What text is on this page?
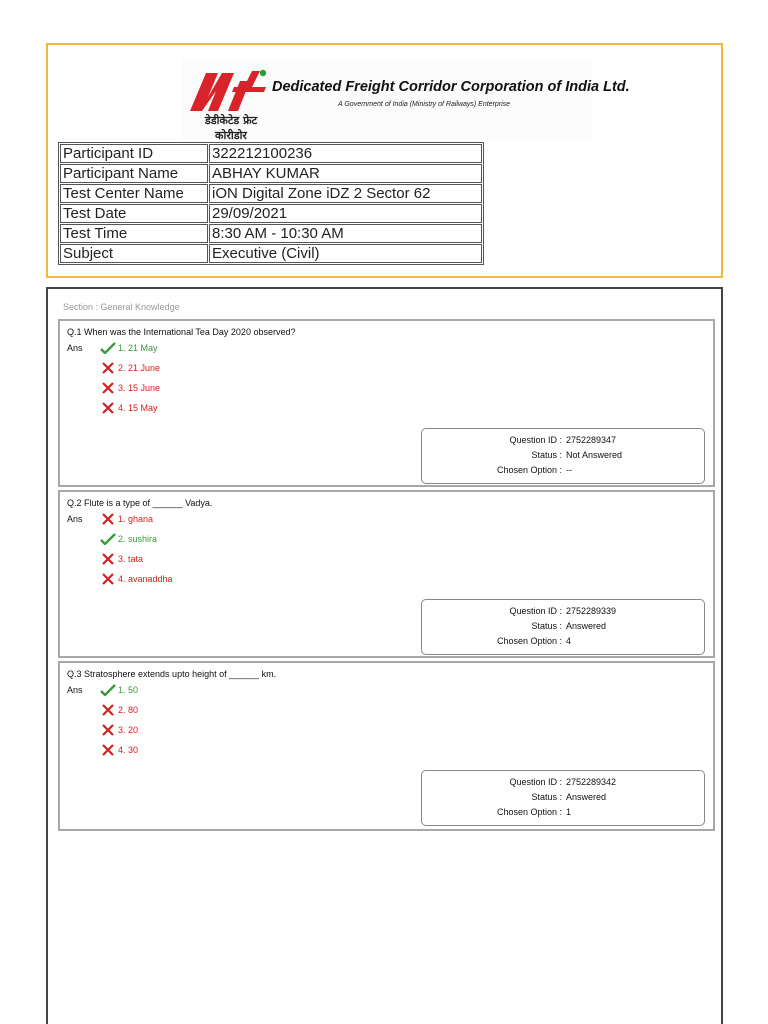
डेडीकेटेड फ्रेट कोरीडोर
Dedicated Freight Corridor Corporation of India Ltd.
A Government of India (Ministry of Railways) Enterprise
Participant ID	322212100236
Participant Name	ABHAY KUMAR
Test Center Name	iON Digital Zone iDZ 2 Sector 62
Test Date	29/09/2021
Test Time	8:30 AM - 10:30 AM
Subject	Executive (Civil)
Section : General Knowledge
Q.1 When was the International Tea Day 2020 observed?
Ans	1. 21 May
2. 21 June
3. 15 June
4. 15 May
Question ID : 2752289347
Status : Not Answered
Chosen Option : --
Q.2 Flute is a type of ______ Vadya.
Ans	1. ghana
2. sushira
3. tata
4. avanaddha
Question ID : 2752289339
Status : Answered
Chosen Option : 4
Q.3 Stratosphere extends upto height of ______ km.
Ans	1. 50
2. 80
3. 20
4. 30
Question ID : 2752289342
Status : Answered
Chosen Option : 1
